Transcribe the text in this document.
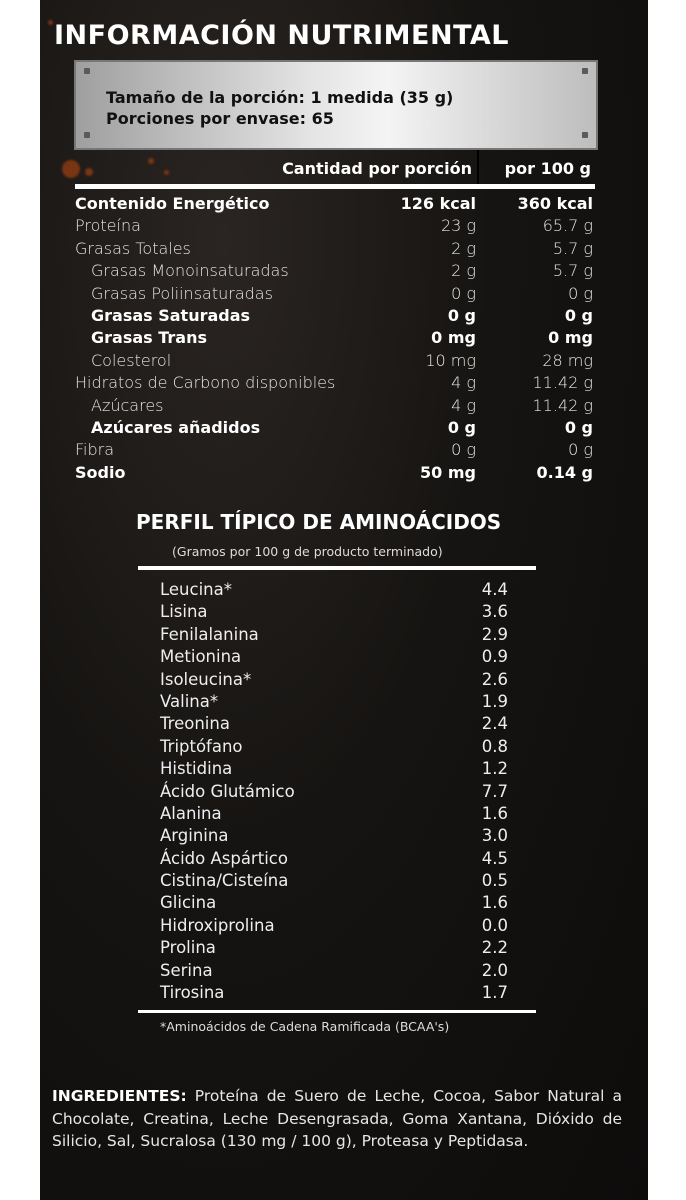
INFORMACIÓN NUTRIMENTAL
Tamaño de la porción: 1 medida (35 g)
Porciones por envase: 65
Cantidad por porción por 100 g
Contenido Energético	126 kcal	360 kcal
Proteína	23 g	65.7 g
Grasas Totales	2 g	5.7 g
Grasas Monoinsaturadas	2 g	5.7 g
Grasas Poliinsaturadas	0 g	0 g
Grasas Saturadas	0 g	0 g
Grasas Trans	0 mg	0 mg
Colesterol	10 mg	28 mg
Hidratos de Carbono disponibles	4 g	11.42 g
Azúcares	4 g	11.42 g
Azúcares añadidos	0 g	0 g
Fibra	0 g	0 g
Sodio	50 mg	0.14 g
PERFIL TÍPICO DE AMINOÁCIDOS
(Gramos por 100 g de producto terminado)
Leucina*	4.4
Lisina	3.6
Fenilalanina	2.9
Metionina	0.9
Isoleucina*	2.6
Valina*	1.9
Treonina	2.4
Triptófano	0.8
Histidina	1.2
Ácido Glutámico	7.7
Alanina	1.6
Arginina	3.0
Ácido Aspártico	4.5
Cistina/Cisteína	0.5
Glicina	1.6
Hidroxiprolina	0.0
Prolina	2.2
Serina	2.0
Tirosina	1.7
*Aminoácidos de Cadena Ramificada (BCAA's)
INGREDIENTES: Proteína de Suero de Leche, Cocoa, Sabor Natural a Chocolate, Creatina, Leche Desengrasada, Goma Xantana, Dióxido de Silicio, Sal, Sucralosa (130 mg / 100 g), Proteasa y Peptidasa.
